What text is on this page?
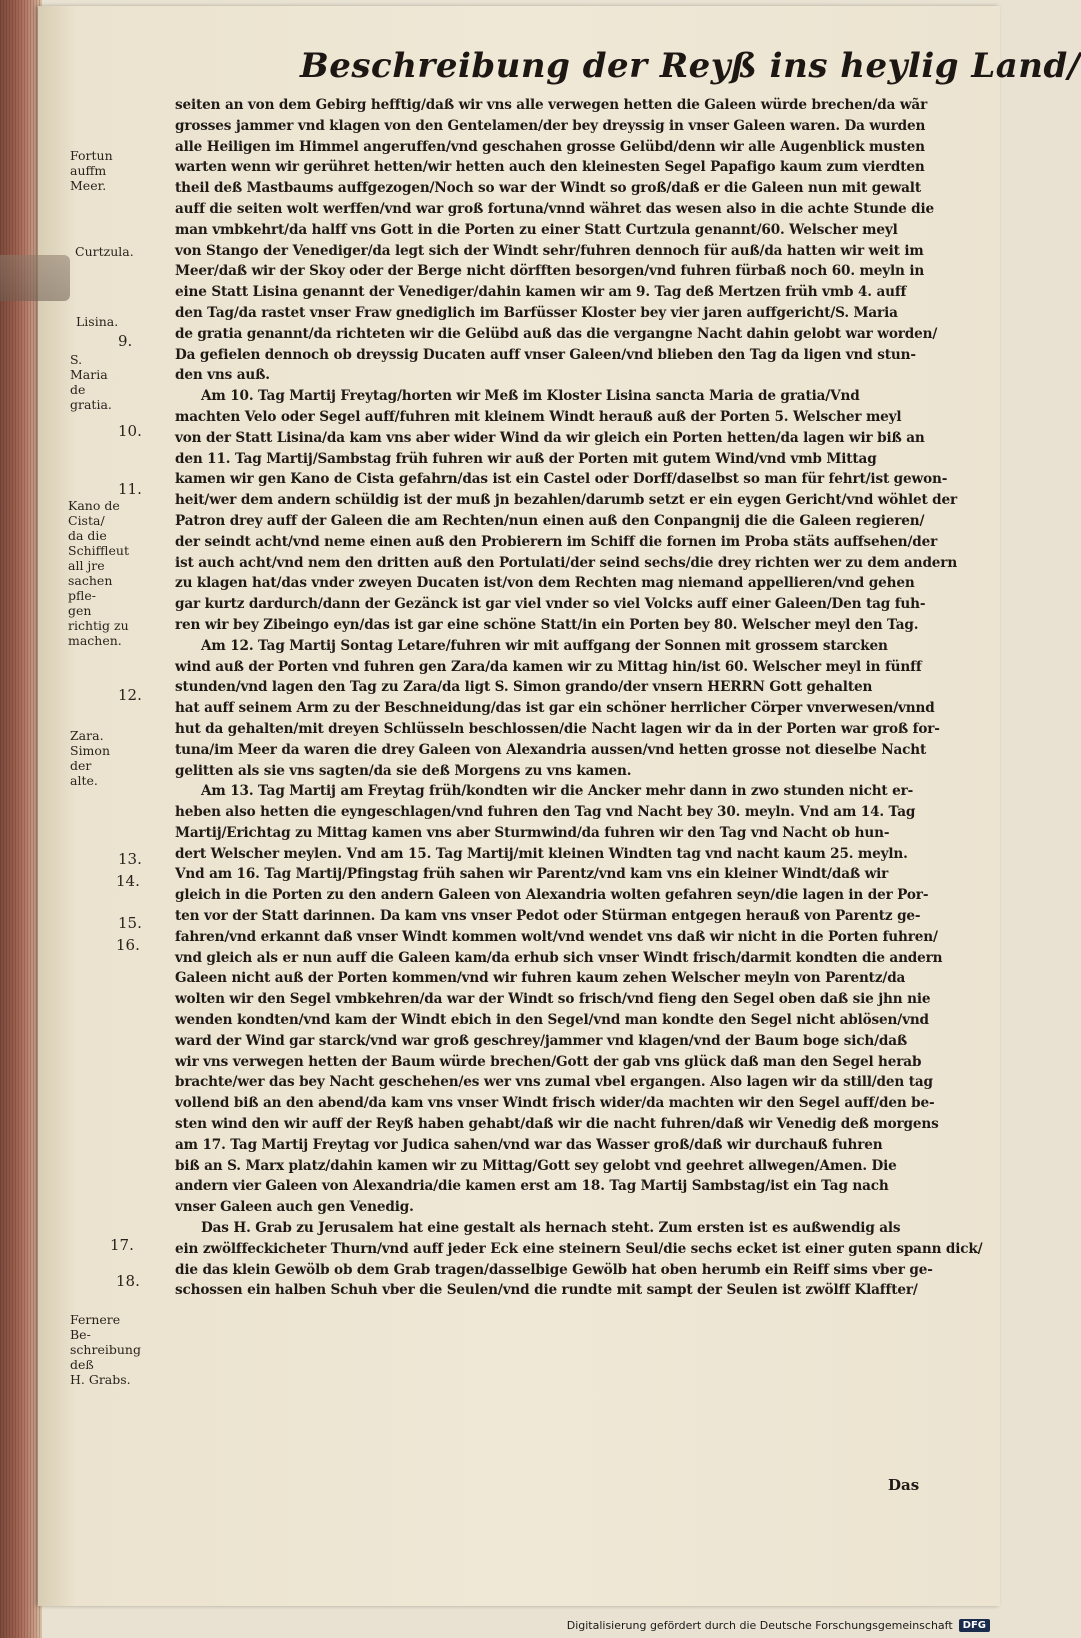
Beschreibung der Reyß ins heylig Land/
Fortun auffm
Meer.
Curtzula.
Lisina.
9.
S. Maria de
gratia.
10.
11.
Kano de Cista/
da die Schiffleut
all jre sachen pfle-
gen richtig zu
machen.
12.
Zara.
Simon der alte.
13.
14.
15.
16.
17.
18.
Fernere Be-
schreibung deß
H. Grabs.
seiten an von dem Gebirg hefftig/daß wir vns alle verwegen hetten die Galeen würde brechen/da wãr
grosses jammer vnd klagen von den Gentelamen/der bey dreyssig in vnser Galeen waren. Da wurden
alle Heiligen im Himmel angeruffen/vnd geschahen grosse Gelübd/denn wir alle Augenblick musten
warten wenn wir gerühret hetten/wir hetten auch den kleinesten Segel Papafigo kaum zum vierdten
theil deß Mastbaums auffgezogen/Noch so war der Windt so groß/daß er die Galeen nun mit gewalt
auff die seiten wolt werffen/vnd war groß fortuna/vnnd währet das wesen also in die achte Stunde die
man vmbkehrt/da halff vns Gott in die Porten zu einer Statt Curtzula genannt/60. Welscher meyl
von Stango der Venediger/da legt sich der Windt sehr/fuhren dennoch für auß/da hatten wir weit im
Meer/daß wir der Skoy oder der Berge nicht dörfften besorgen/vnd fuhren fürbaß noch 60. meyln in
eine Statt Lisina genannt der Venediger/dahin kamen wir am 9. Tag deß Mertzen früh vmb 4. auff
den Tag/da rastet vnser Fraw gnediglich im Barfüsser Kloster bey vier jaren auffgericht/S. Maria
de gratia genannt/da richteten wir die Gelübd auß das die vergangne Nacht dahin gelobt war worden/
Da gefielen dennoch ob dreyssig Ducaten auff vnser Galeen/vnd blieben den Tag da ligen vnd stun-
den vns auß.
Am 10. Tag Martij Freytag/horten wir Meß im Kloster Lisina sancta Maria de gratia/Vnd
machten Velo oder Segel auff/fuhren mit kleinem Windt herauß auß der Porten 5. Welscher meyl
von der Statt Lisina/da kam vns aber wider Wind da wir gleich ein Porten hetten/da lagen wir biß an
den 11. Tag Martij/Sambstag früh fuhren wir auß der Porten mit gutem Wind/vnd vmb Mittag
kamen wir gen Kano de Cista gefahrn/das ist ein Castel oder Dorff/daselbst so man für fehrt/ist gewon-
heit/wer dem andern schüldig ist der muß jn bezahlen/darumb setzt er ein eygen Gericht/vnd wöhlet der
Patron drey auff der Galeen die am Rechten/nun einen auß den Conpangnij die die Galeen regieren/
der seindt acht/vnd neme einen auß den Probierern im Schiff die fornen im Proba stäts auffsehen/der
ist auch acht/vnd nem den dritten auß den Portulati/der seind sechs/die drey richten wer zu dem andern
zu klagen hat/das vnder zweyen Ducaten ist/von dem Rechten mag niemand appellieren/vnd gehen
gar kurtz dardurch/dann der Gezänck ist gar viel vnder so viel Volcks auff einer Galeen/Den tag fuh-
ren wir bey Zibeingo eyn/das ist gar eine schöne Statt/in ein Porten bey 80. Welscher meyl den Tag.
Am 12. Tag Martij Sontag Letare/fuhren wir mit auffgang der Sonnen mit grossem starcken
wind auß der Porten vnd fuhren gen Zara/da kamen wir zu Mittag hin/ist 60. Welscher meyl in fünff
stunden/vnd lagen den Tag zu Zara/da ligt S. Simon grando/der vnsern HERRN Gott gehalten
hat auff seinem Arm zu der Beschneidung/das ist gar ein schöner herrlicher Cörper vnverwesen/vnnd
hut da gehalten/mit dreyen Schlüsseln beschlossen/die Nacht lagen wir da in der Porten war groß for-
tuna/im Meer da waren die drey Galeen von Alexandria aussen/vnd hetten grosse not dieselbe Nacht
gelitten als sie vns sagten/da sie deß Morgens zu vns kamen.
Am 13. Tag Martij am Freytag früh/kondten wir die Ancker mehr dann in zwo stunden nicht er-
heben also hetten die eyngeschlagen/vnd fuhren den Tag vnd Nacht bey 30. meyln. Vnd am 14. Tag
Martij/Erichtag zu Mittag kamen vns aber Sturmwind/da fuhren wir den Tag vnd Nacht ob hun-
dert Welscher meylen. Vnd am 15. Tag Martij/mit kleinen Windten tag vnd nacht kaum 25. meyln.
Vnd am 16. Tag Martij/Pfingstag früh sahen wir Parentz/vnd kam vns ein kleiner Windt/daß wir
gleich in die Porten zu den andern Galeen von Alexandria wolten gefahren seyn/die lagen in der Por-
ten vor der Statt darinnen. Da kam vns vnser Pedot oder Stürman entgegen herauß von Parentz ge-
fahren/vnd erkannt daß vnser Windt kommen wolt/vnd wendet vns daß wir nicht in die Porten fuhren/
vnd gleich als er nun auff die Galeen kam/da erhub sich vnser Windt frisch/darmit kondten die andern
Galeen nicht auß der Porten kommen/vnd wir fuhren kaum zehen Welscher meyln von Parentz/da
wolten wir den Segel vmbkehren/da war der Windt so frisch/vnd fieng den Segel oben daß sie jhn nie
wenden kondten/vnd kam der Windt ebich in den Segel/vnd man kondte den Segel nicht ablösen/vnd
ward der Wind gar starck/vnd war groß geschrey/jammer vnd klagen/vnd der Baum boge sich/daß
wir vns verwegen hetten der Baum würde brechen/Gott der gab vns glück daß man den Segel herab
brachte/wer das bey Nacht geschehen/es wer vns zumal vbel ergangen. Also lagen wir da still/den tag
vollend biß an den abend/da kam vns vnser Windt frisch wider/da machten wir den Segel auff/den be-
sten wind den wir auff der Reyß haben gehabt/daß wir die nacht fuhren/daß wir Venedig deß morgens
am 17. Tag Martij Freytag vor Judica sahen/vnd war das Wasser groß/daß wir durchauß fuhren
biß an S. Marx platz/dahin kamen wir zu Mittag/Gott sey gelobt vnd geehret allwegen/Amen. Die
andern vier Galeen von Alexandria/die kamen erst am 18. Tag Martij Sambstag/ist ein Tag nach
vnser Galeen auch gen Venedig.
Das H. Grab zu Jerusalem hat eine gestalt als hernach steht. Zum ersten ist es außwendig als
ein zwölffeckicheter Thurn/vnd auff jeder Eck eine steinern Seul/die sechs ecket ist einer guten spann dick/
die das klein Gewölb ob dem Grab tragen/dasselbige Gewölb hat oben herumb ein Reiff sims vber ge-
schossen ein halben Schuh vber die Seulen/vnd die rundte mit sampt der Seulen ist zwölff Klaffter/
Das
Digitalisierung gefördert durch die Deutsche Forschungsgemeinschaft	DFG
